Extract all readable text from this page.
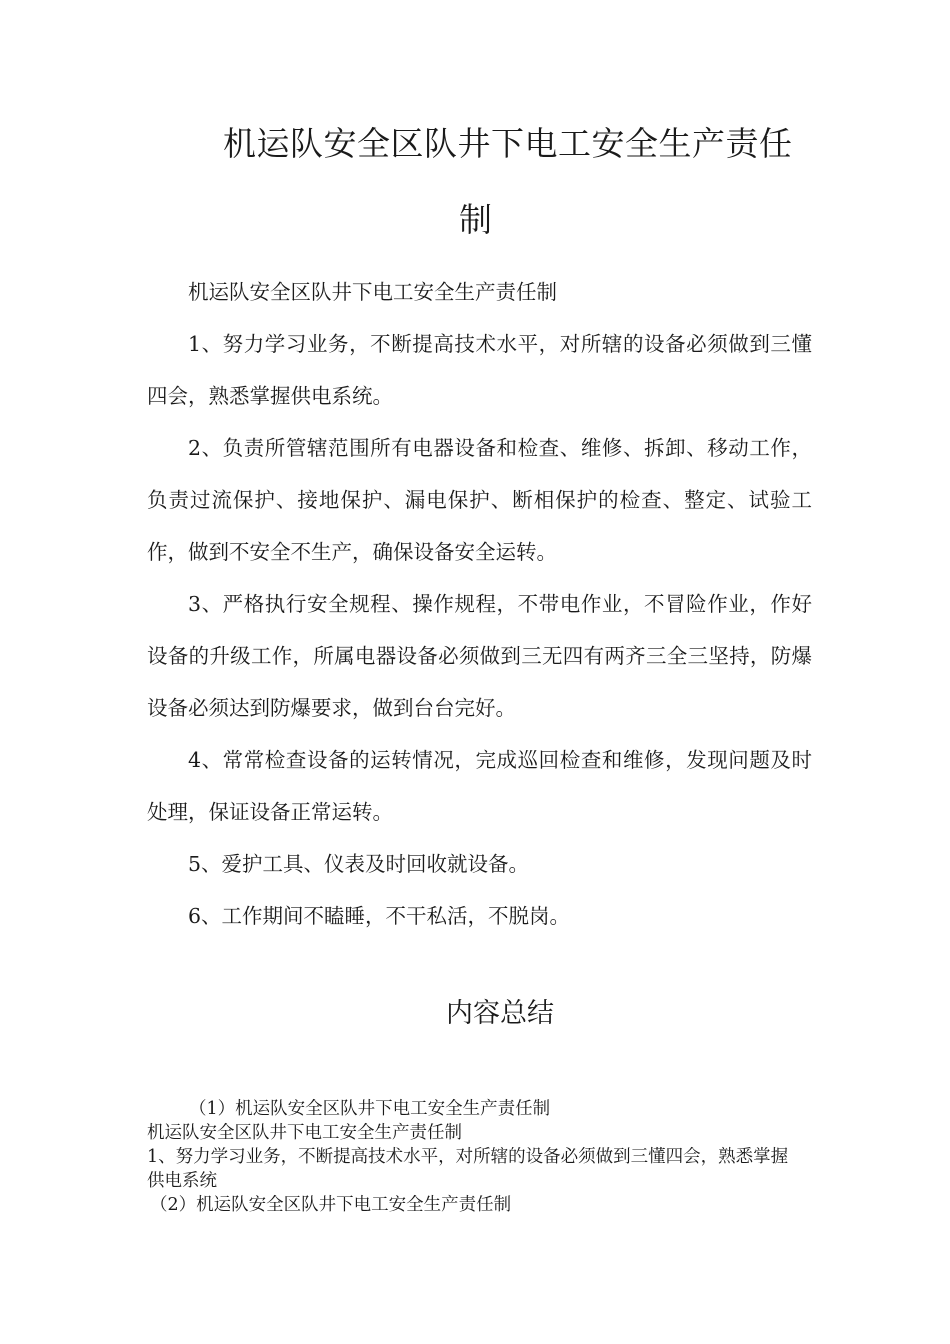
机运队安全区队井下电工安全生产责任
制

机运队安全区队井下电工安全生产责任制

1、努力学习业务，不断提高技术水平，对所辖的设备必须做到三懂四会，熟悉掌握供电系统。

2、负责所管辖范围所有电器设备和检查、维修、拆卸、移动工作，负责过流保护、接地保护、漏电保护、断相保护的检查、整定、试验工作，做到不安全不生产，确保设备安全运转。

3、严格执行安全规程、操作规程，不带电作业，不冒险作业，作好设备的升级工作，所属电器设备必须做到三无四有两齐三全三坚持，防爆设备必须达到防爆要求，做到台台完好。

4、常常检查设备的运转情况，完成巡回检查和维修，发现问题及时处理，保证设备正常运转。

5、爱护工具、仪表及时回收就设备。

6、工作期间不瞌睡，不干私活，不脱岗。

内容总结
（1）机运队安全区队井下电工安全生产责任制
机运队安全区队井下电工安全生产责任制
1、努力学习业务，不断提高技术水平，对所辖的设备必须做到三懂四会，熟悉掌握供电系统
（2）机运队安全区队井下电工安全生产责任制
